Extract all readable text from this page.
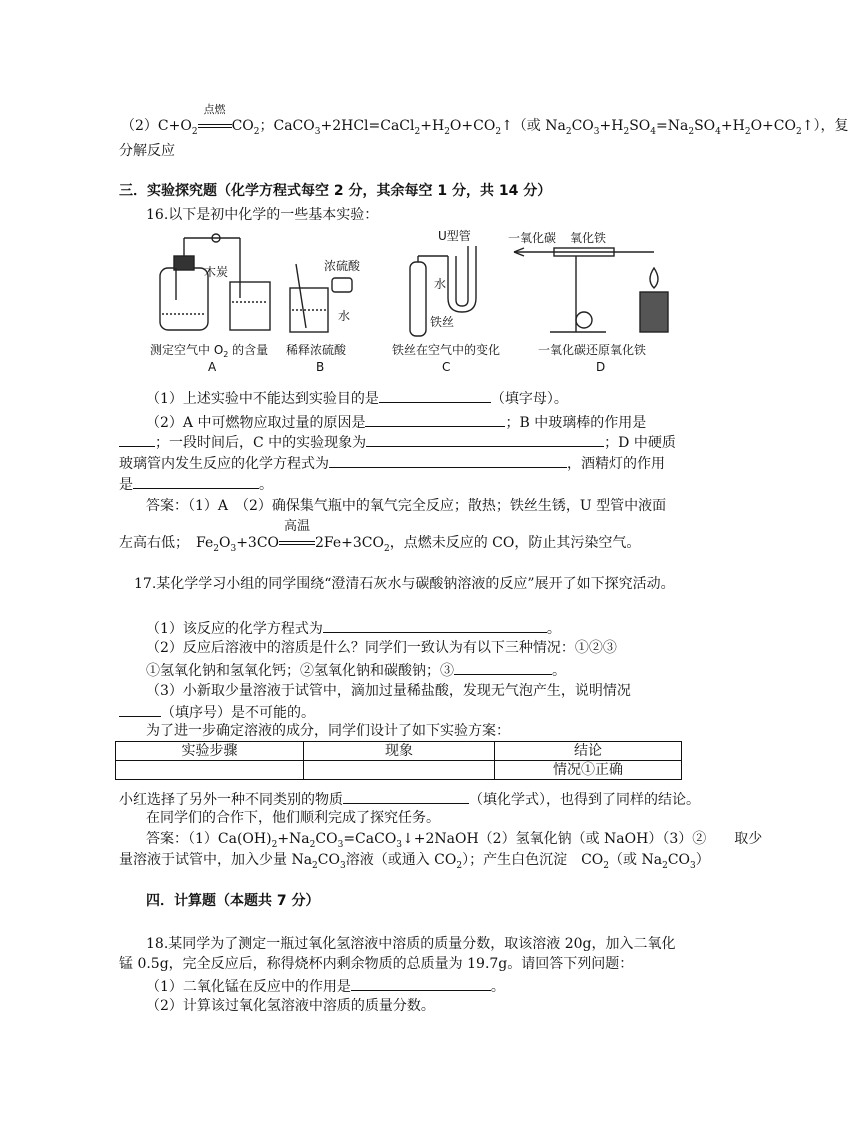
$(2)C+O_2$
点燃
$CO_2$；$CaCO_3+2HCl=CaCl_2+H_2O+CO_2↑$（或 $Na_2CO_3+H_2SO_4=Na_2SO_4+H_2O+CO_2↑$），复
分解反应
三．实验探究题（化学方程式每空 2 分，其余每空 1 分，共 14 分）
16.以下是初中化学的一些基本实验：
木炭
测定空气中 $O_2$ 的含量
A
浓硫酸
水
稀释浓硫酸
B
U型管
水
铁丝
铁丝在空气中的变化
C
一氧化碳 氧化铁
一氧化碳还原氧化铁
D
（1）上述实验中不能达到实验目的是	（填字母）。
（2）A 中可燃物应取过量的原因是	；B 中玻璃棒的作用是
；一段时间后，C 中的实验现象为	；D 中硬质
玻璃管内发生反应的化学方程式为	，酒精灯的作用
是	。
答案：（1）A　（2）确保集气瓶中的氧气完全反应；散热；铁丝生锈，U 型管中液面
左高右低；　$Fe_2O_3+3CO$
高温
$2Fe+3CO_2$，点燃未反应的 CO，防止其污染空气。
17.某化学学习小组的同学围绕“澄清石灰水与碳酸钠溶液的反应”展开了如下探究活动。
（1）该反应的化学方程式为	。
（2）反应后溶液中的溶质是什么？同学们一致认为有以下三种情况：①②③
①氢氧化钠和氢氧化钙；②氢氧化钠和碳酸钠；③	。
（3）小新取少量溶液于试管中，滴加过量稀盐酸，发现无气泡产生，说明情况
（填序号）是不可能的。
为了进一步确定溶液的成分，同学们设计了如下实验方案：
实验步骤	现象	结论
		情况①正确
小红选择了另外一种不同类别的物质	（填化学式），也得到了同样的结论。
在同学们的合作下，他们顺利完成了探究任务。
答案：$(1)Ca(OH)_2+Na_2CO_3=CaCO_3↓+2NaOH(2)$氢氧化钠（或 NaOH）（3）②　　取少
量溶液于试管中，加入少量 $Na_2CO_3$溶液（或通入 $CO_2$）；产生白色沉淀　$CO_2$（或 $Na_2CO_3$）
四．计算题（本题共 7 分）
18.某同学为了测定一瓶过氧化氢溶液中溶质的质量分数，取该溶液 20g，加入二氧化
锰 0.5g，完全反应后，称得烧杯内剩余物质的总质量为 19.7g。请回答下列问题：
（1）二氧化锰在反应中的作用是	。
（2）计算该过氧化氢溶液中溶质的质量分数。
